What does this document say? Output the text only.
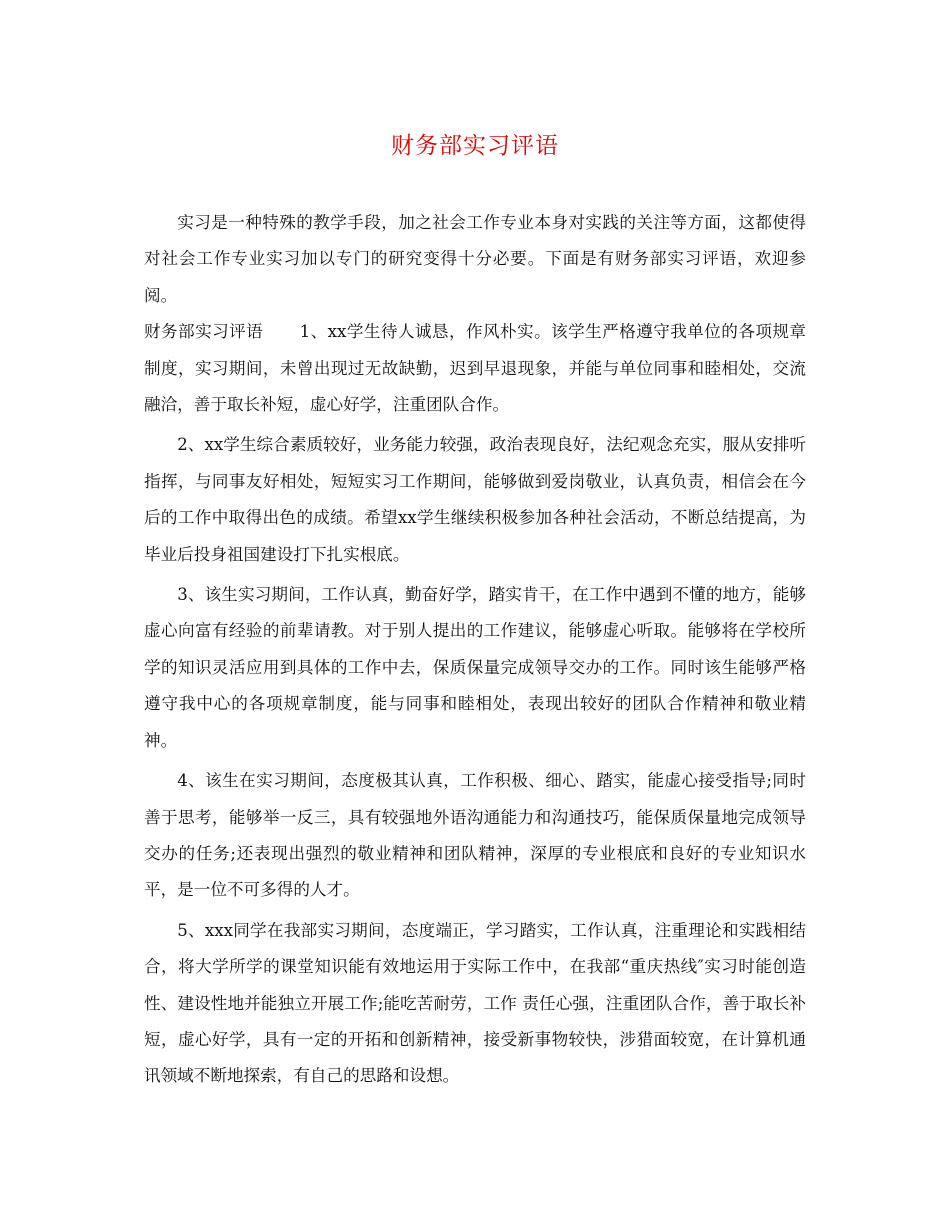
财务部实习评语

实习是一种特殊的教学手段，加之社会工作专业本身对实践的关注等方面，这都使得对社会工作专业实习加以专门的研究变得十分必要。下面是有财务部实习评语，欢迎参阅。

财务部实习评语 1、xx学生待人诚恳，作风朴实。该学生严格遵守我单位的各项规章制度，实习期间，未曾出现过无故缺勤，迟到早退现象，并能与单位同事和睦相处，交流融洽，善于取长补短，虚心好学，注重团队合作。

2、xx学生综合素质较好，业务能力较强，政治表现良好，法纪观念充实，服从安排听指挥，与同事友好相处，短短实习工作期间，能够做到爱岗敬业，认真负责，相信会在今后的工作中取得出色的成绩。希望xx学生继续积极参加各种社会活动，不断总结提高，为毕业后投身祖国建设打下扎实根底。

3、该生实习期间，工作认真，勤奋好学，踏实肯干，在工作中遇到不懂的地方，能够虚心向富有经验的前辈请教。对于别人提出的工作建议，能够虚心听取。能够将在学校所学的知识灵活应用到具体的工作中去，保质保量完成领导交办的工作。同时该生能够严格遵守我中心的各项规章制度，能与同事和睦相处，表现出较好的团队合作精神和敬业精神。

4、该生在实习期间，态度极其认真，工作积极、细心、踏实，能虚心接受指导;同时善于思考，能够举一反三，具有较强地外语沟通能力和沟通技巧，能保质保量地完成领导交办的任务;还表现出强烈的敬业精神和团队精神，深厚的专业根底和良好的专业知识水平，是一位不可多得的人才。

5、xxx同学在我部实习期间，态度端正，学习踏实，工作认真，注重理论和实践相结合，将大学所学的课堂知识能有效地运用于实际工作中，在我部“重庆热线″实习时能创造性、建设性地并能独立开展工作;能吃苦耐劳，工作 责任心强，注重团队合作，善于取长补短，虚心好学，具有一定的开拓和创新精神，接受新事物较快，涉猎面较宽，在计算机通讯领域不断地探索，有自己的思路和设想。
